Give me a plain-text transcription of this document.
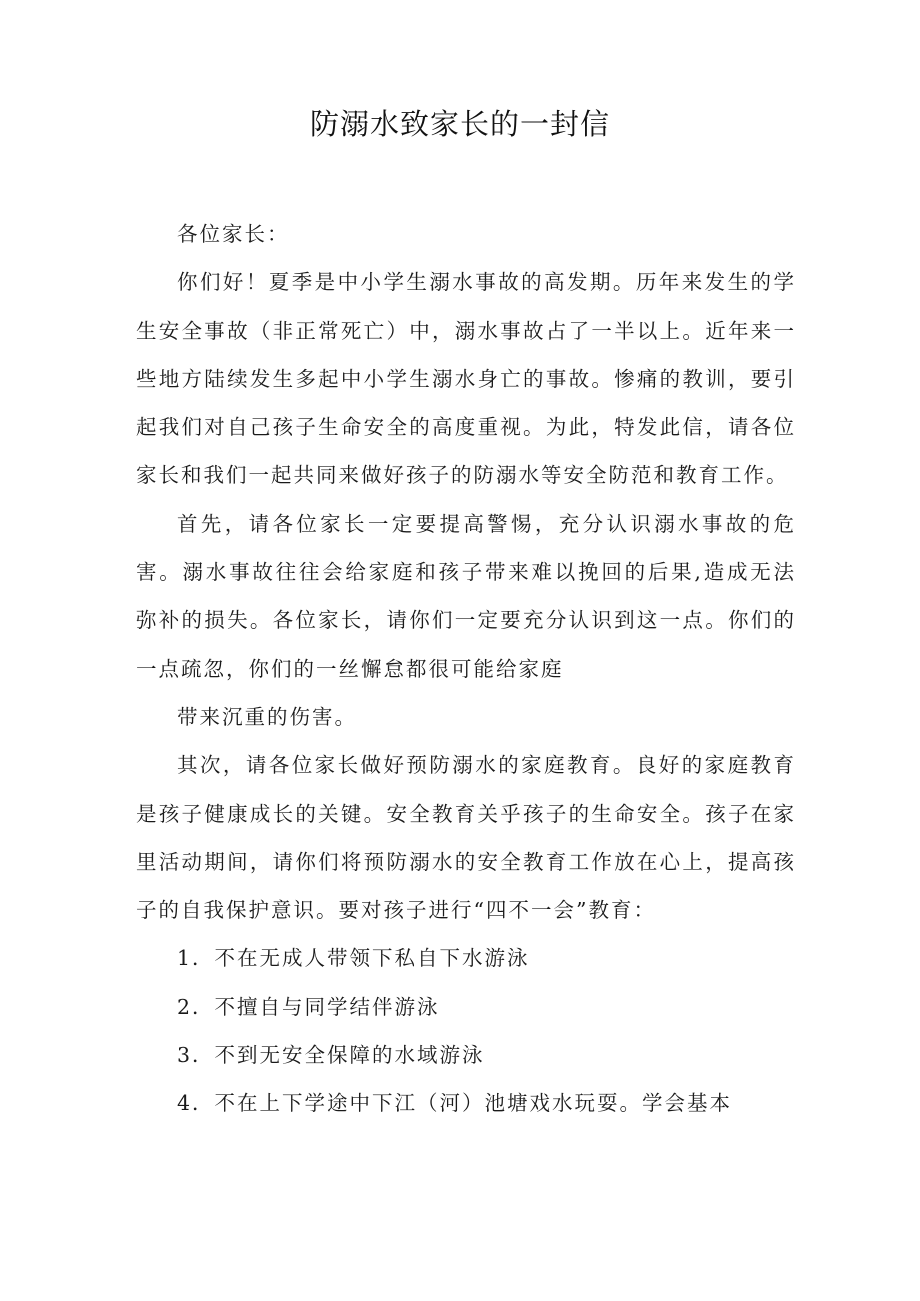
防溺水致家长的一封信

各位家长：

你们好！夏季是中小学生溺水事故的高发期。历年来发生的学生安全事故（非正常死亡）中，溺水事故占了一半以上。近年来一些地方陆续发生多起中小学生溺水身亡的事故。惨痛的教训，要引起我们对自己孩子生命安全的高度重视。为此，特发此信，请各位家长和我们一起共同来做好孩子的防溺水等安全防范和教育工作。

首先，请各位家长一定要提高警惕，充分认识溺水事故的危害。溺水事故往往会给家庭和孩子带来难以挽回的后果,造成无法弥补的损失。各位家长，请你们一定要充分认识到这一点。你们的一点疏忽，你们的一丝懈怠都很可能给家庭

带来沉重的伤害。

其次，请各位家长做好预防溺水的家庭教育。良好的家庭教育是孩子健康成长的关键。安全教育关乎孩子的生命安全。孩子在家里活动期间，请你们将预防溺水的安全教育工作放在心上，提高孩子的自我保护意识。要对孩子进行“四不一会”教育：

1．不在无成人带领下私自下水游泳

2．不擅自与同学结伴游泳

3．不到无安全保障的水域游泳

4．不在上下学途中下江（河）池塘戏水玩耍。学会基本
